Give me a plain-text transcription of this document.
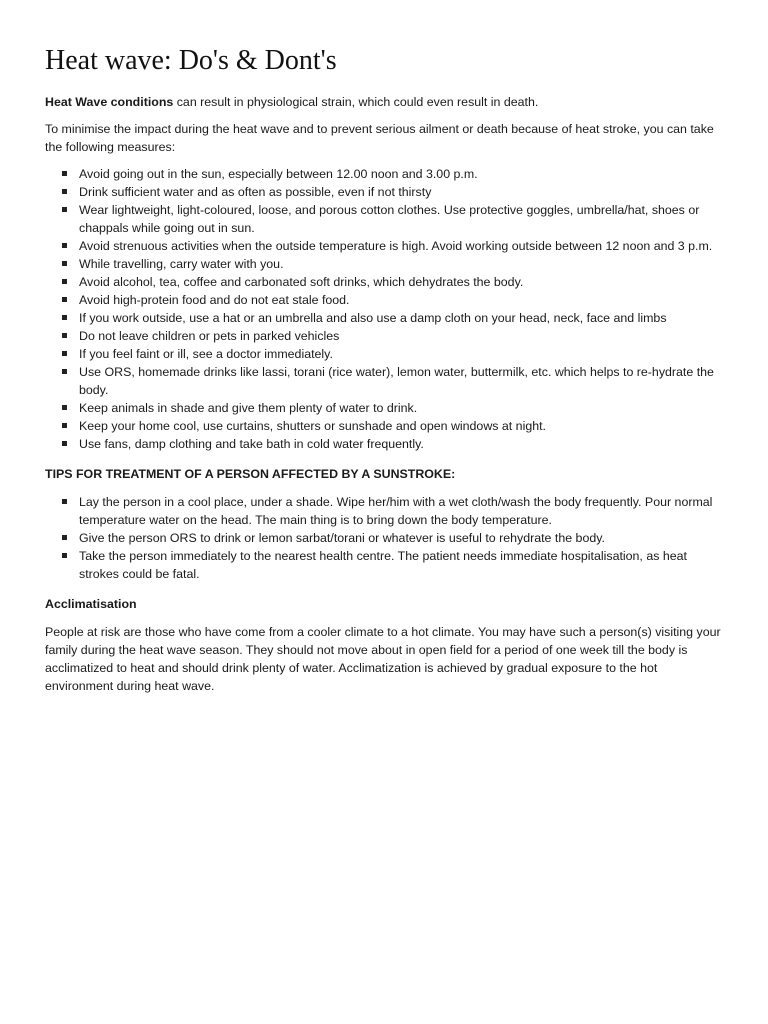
Heat wave: Do's & Dont's

Heat Wave conditions can result in physiological strain, which could even result in death.

To minimise the impact during the heat wave and to prevent serious ailment or death because of heat stroke, you can take the following measures:

Avoid going out in the sun, especially between 12.00 noon and 3.00 p.m.
Drink sufficient water and as often as possible, even if not thirsty
Wear lightweight, light-coloured, loose, and porous cotton clothes. Use protective goggles, umbrella/hat, shoes or chappals while going out in sun.
Avoid strenuous activities when the outside temperature is high. Avoid working outside between 12 noon and 3 p.m.
While travelling, carry water with you.
Avoid alcohol, tea, coffee and carbonated soft drinks, which dehydrates the body.
Avoid high-protein food and do not eat stale food.
If you work outside, use a hat or an umbrella and also use a damp cloth on your head, neck, face and limbs
Do not leave children or pets in parked vehicles
If you feel faint or ill, see a doctor immediately.
Use ORS, homemade drinks like lassi, torani (rice water), lemon water, buttermilk, etc. which helps to re-hydrate the body.
Keep animals in shade and give them plenty of water to drink.
Keep your home cool, use curtains, shutters or sunshade and open windows at night.
Use fans, damp clothing and take bath in cold water frequently.
TIPS FOR TREATMENT OF A PERSON AFFECTED BY A SUNSTROKE:
Lay the person in a cool place, under a shade. Wipe her/him with a wet cloth/wash the body frequently. Pour normal temperature water on the head. The main thing is to bring down the body temperature.
Give the person ORS to drink or lemon sarbat/torani or whatever is useful to rehydrate the body.
Take the person immediately to the nearest health centre. The patient needs immediate hospitalisation, as heat strokes could be fatal.
Acclimatisation

People at risk are those who have come from a cooler climate to a hot climate. You may have such a person(s) visiting your family during the heat wave season. They should not move about in open field for a period of one week till the body is acclimatized to heat and should drink plenty of water. Acclimatization is achieved by gradual exposure to the hot environment during heat wave.
